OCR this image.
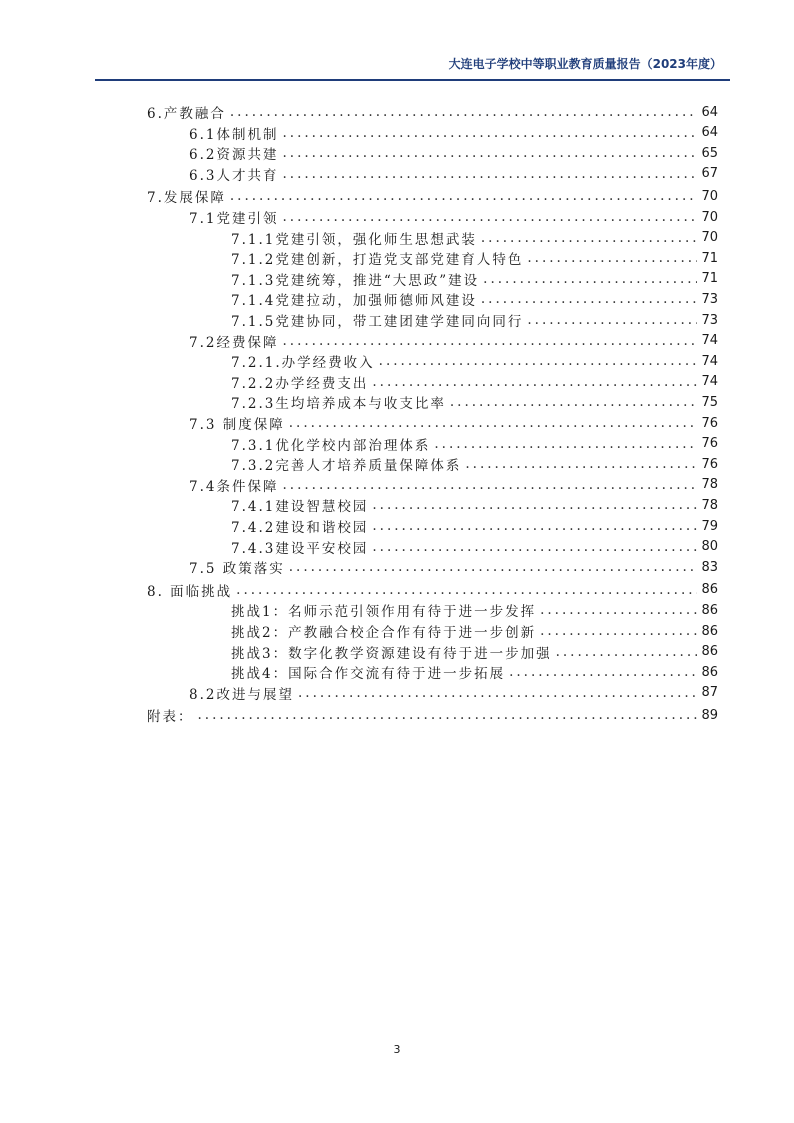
大连电子学校中等职业教育质量报告（2023年度）
6.产教融合 .....	64
6.1体制机制 .....	64
6.2资源共建 .....	65
6.3人才共育 .....	67
7.发展保障 .....	70
7.1党建引领 .....	70
7.1.1党建引领，强化师生思想武装 .....	70
7.1.2党建创新，打造党支部党建育人特色 .....	71
7.1.3党建统筹，推进“大思政”建设 .....	71
7.1.4党建拉动，加强师德师风建设 .....	73
7.1.5党建协同，带工建团建学建同向同行 .....	73
7.2经费保障 .....	74
7.2.1.办学经费收入 .....	74
7.2.2办学经费支出 .....	74
7.2.3生均培养成本与收支比率 .....	75
7.3 制度保障 .....	76
7.3.1优化学校内部治理体系 .....	76
7.3.2完善人才培养质量保障体系 .....	76
7.4条件保障 .....	78
7.4.1建设智慧校园 .....	78
7.4.2建设和谐校园 .....	79
7.4.3建设平安校园 .....	80
7.5 政策落实 .....	83
8. 面临挑战 .....	86
挑战1：名师示范引领作用有待于进一步发挥 .....	86
挑战2：产教融合校企合作有待于进一步创新 .....	86
挑战3：数字化教学资源建设有待于进一步加强 .....	86
挑战4：国际合作交流有待于进一步拓展 .....	86
8.2改进与展望 .....	87
附表： .....	89
3
